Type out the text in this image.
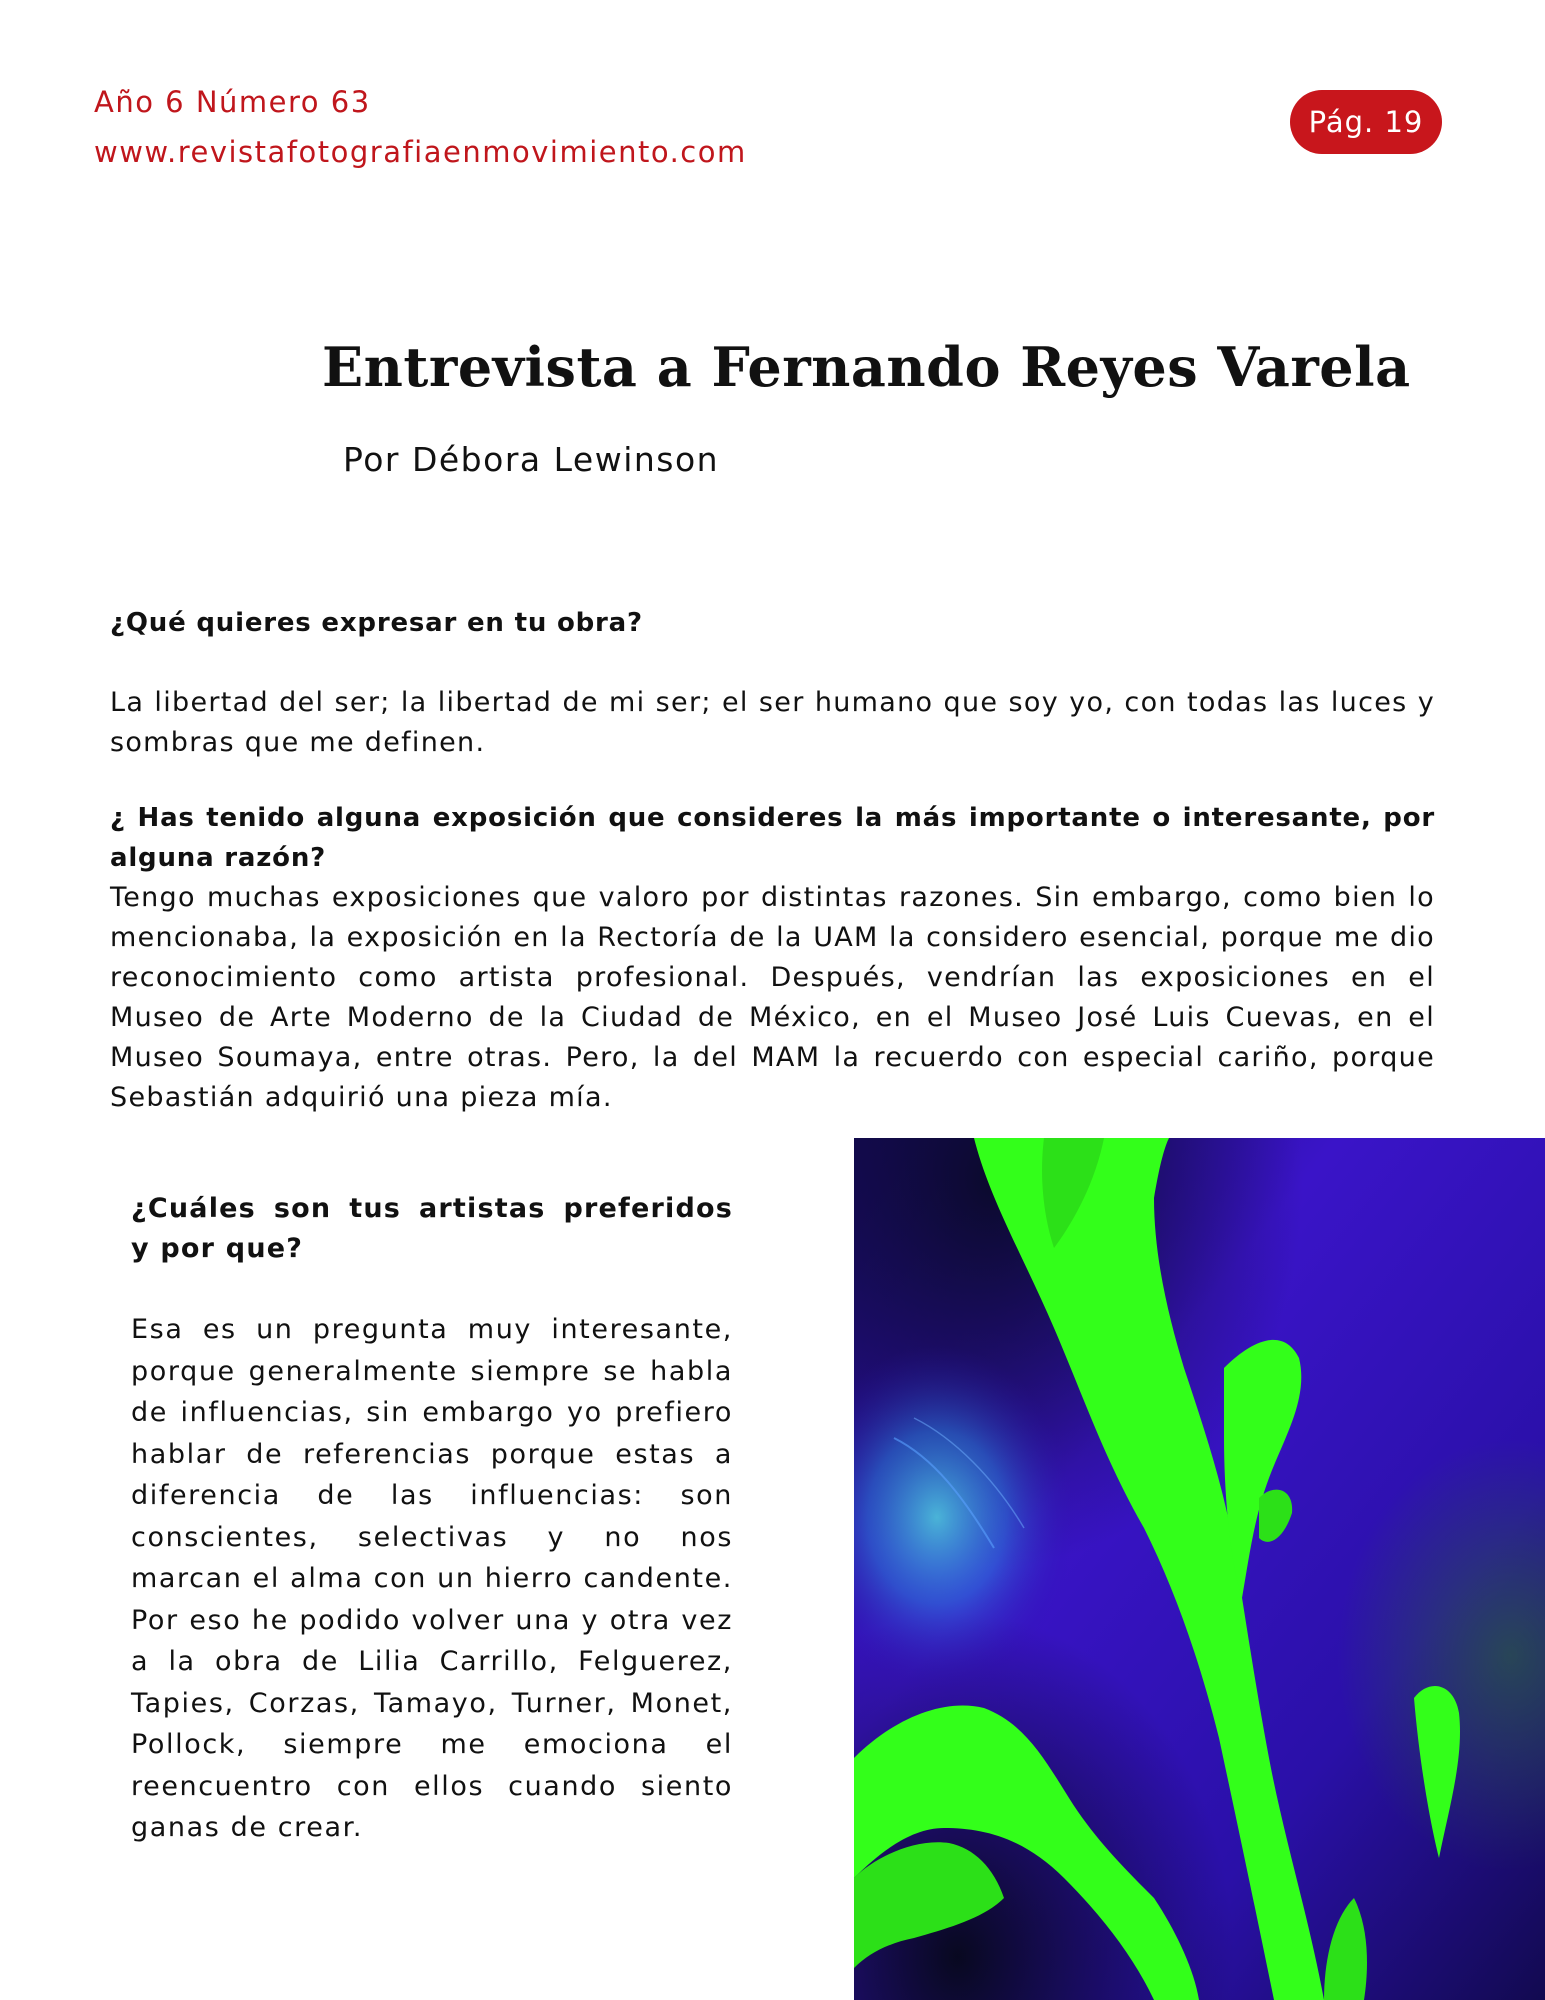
Año 6 Número 63
www.revistafotografiaenmovimiento.com
Pág. 19
Entrevista a Fernando Reyes Varela
Por Débora Lewinson

¿Qué quieres expresar en tu obra?

La libertad del ser; la libertad de mi ser; el ser humano que soy yo, con todas las luces y sombras que me definen.

¿ Has tenido alguna exposición que consideres la más importante o interesante, por alguna razón?

Tengo muchas exposiciones que valoro por distintas razones. Sin embargo, como bien lo mencionaba, la exposición en la Rectoría de la UAM la considero esencial, porque me dio reconocimiento como artista profesional. Después, vendrían las exposiciones en el Museo de Arte Moderno de la Ciudad de México, en el Museo José Luis Cuevas, en el Museo Soumaya, entre otras. Pero, la del MAM la recuerdo con especial cariño, porque Sebastián adquirió una pieza mía.

¿Cuáles son tus artistas preferidos y por que?

Esa es un pregunta muy interesante, porque generalmente siempre se habla de influencias, sin embargo yo prefiero hablar de referencias porque estas a diferencia de las influencias: son conscientes, selectivas y no nos marcan el alma con un hierro candente. Por eso he podido volver una y otra vez a la obra de Lilia Carrillo, Felguerez, Tapies, Corzas, Tamayo, Turner, Monet, Pollock, siempre me emociona el reencuentro con ellos cuando siento ganas de crear.
